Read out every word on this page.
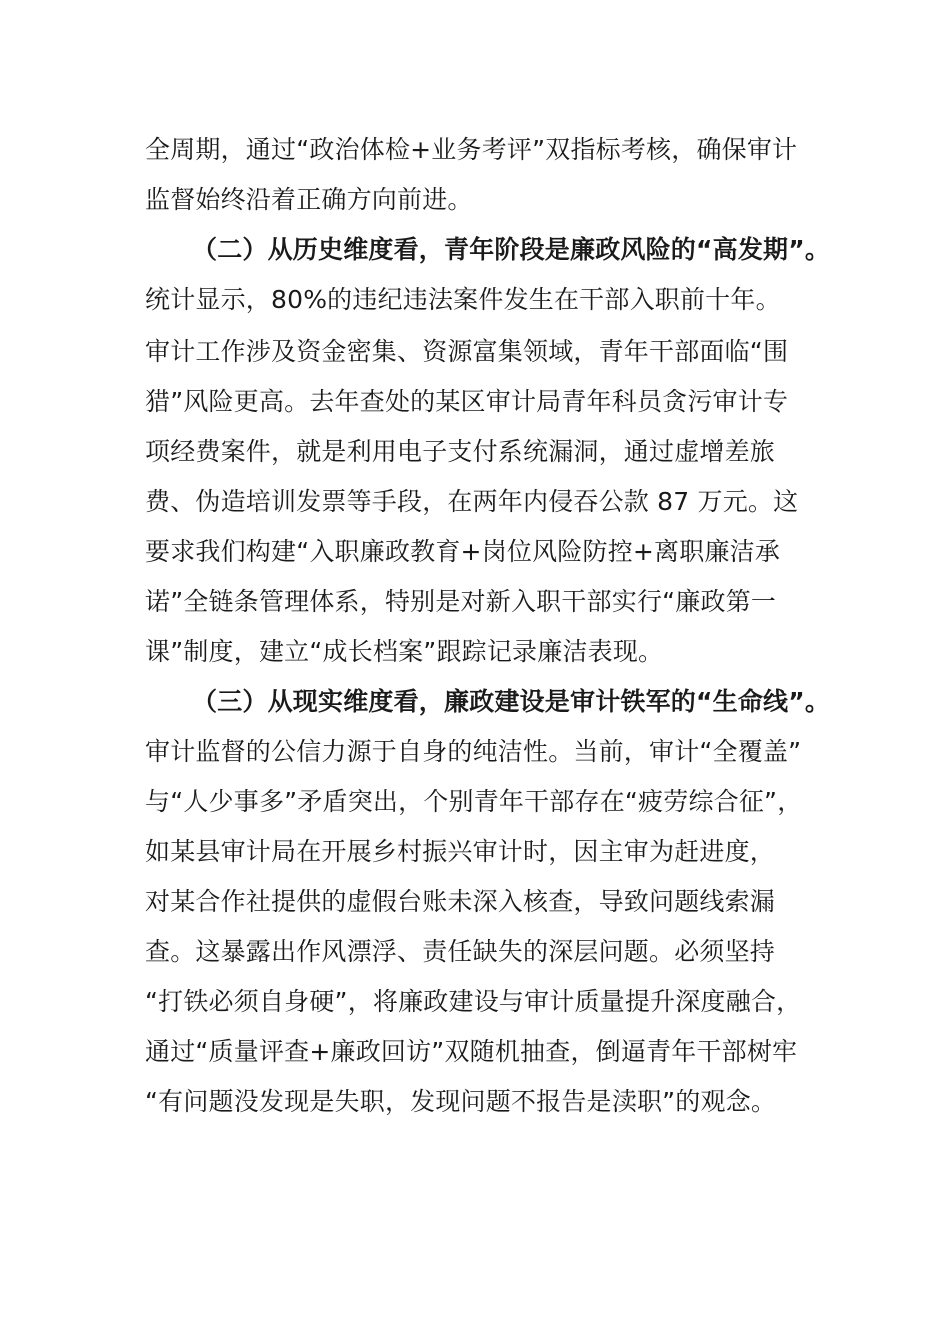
全周期，通过“政治体检+业务考评”双指标考核，确保审计
监督始终沿着正确方向前进。
（二）从历史维度看，青年阶段是廉政风险的“高发期”。
统计显示，80%的违纪违法案件发生在干部入职前十年。
审计工作涉及资金密集、资源富集领域，青年干部面临“围
猎”风险更高。去年查处的某区审计局青年科员贪污审计专
项经费案件，就是利用电子支付系统漏洞，通过虚增差旅
费、伪造培训发票等手段，在两年内侵吞公款 87 万元。这
要求我们构建“入职廉政教育+岗位风险防控+离职廉洁承
诺”全链条管理体系，特别是对新入职干部实行“廉政第一
课”制度，建立“成长档案”跟踪记录廉洁表现。
（三）从现实维度看，廉政建设是审计铁军的“生命线”。
审计监督的公信力源于自身的纯洁性。当前，审计“全覆盖”
与“人少事多”矛盾突出，个别青年干部存在“疲劳综合征”，
如某县审计局在开展乡村振兴审计时，因主审为赶进度，
对某合作社提供的虚假台账未深入核查，导致问题线索漏
查。这暴露出作风漂浮、责任缺失的深层问题。必须坚持
“打铁必须自身硬”，将廉政建设与审计质量提升深度融合，
通过“质量评查+廉政回访”双随机抽查，倒逼青年干部树牢
“有问题没发现是失职，发现问题不报告是渎职”的观念。
